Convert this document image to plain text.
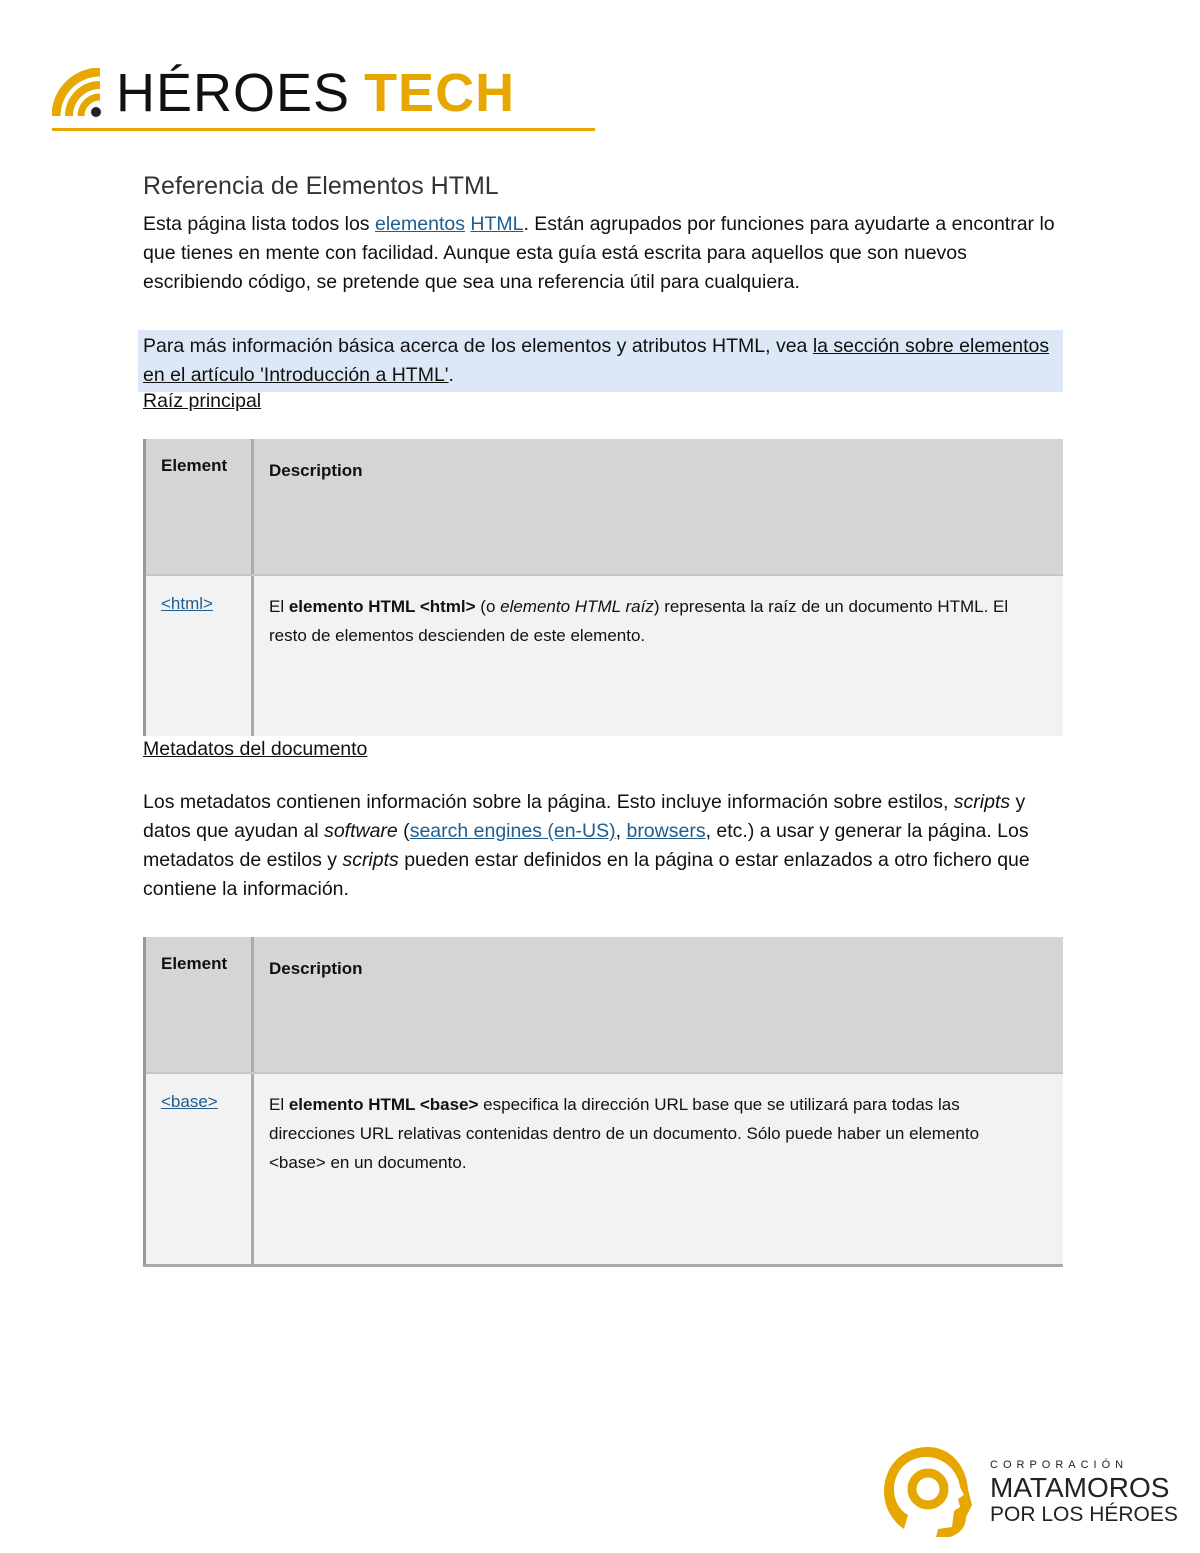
HÉROES TECH
Referencia de Elementos HTML
Esta página lista todos los elementos HTML. Están agrupados por funciones para ayudarte a encontrar lo que tienes en mente con facilidad. Aunque esta guía está escrita para aquellos que son nuevos escribiendo código, se pretende que sea una referencia útil para cualquiera.
Para más información básica acerca de los elementos y atributos HTML, vea la sección sobre elementos en el artículo 'Introducción a HTML'.
Raíz principal
Element	Description
<html>	El elemento HTML <html> (o elemento HTML raíz) representa la raíz de un documento HTML. El resto de elementos descienden de este elemento.
Metadatos del documento
Los metadatos contienen información sobre la página. Esto incluye información sobre estilos, scripts y datos que ayudan al software (search engines (en-US), browsers, etc.) a usar y generar la página. Los metadatos de estilos y scripts pueden estar definidos en la página o estar enlazados a otro fichero que contiene la información.
Element	Description
<base>	El elemento HTML <base> especifica la dirección URL base que se utilizará para todas las direcciones URL relativas contenidas dentro de un documento. Sólo puede haber un elemento <base> en un documento.
CORPORACIÓN
MATAMOROS
POR LOS HÉROES
